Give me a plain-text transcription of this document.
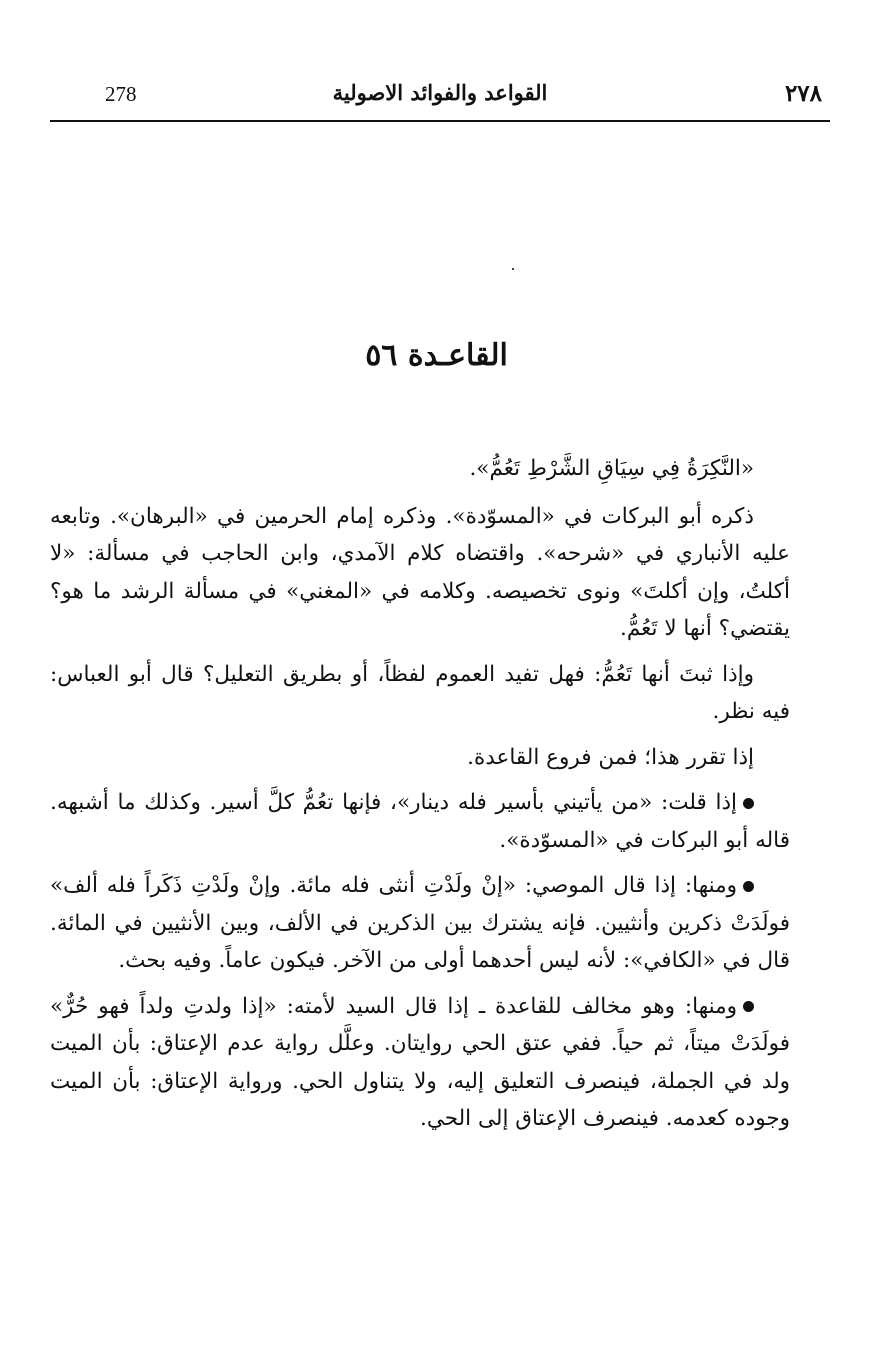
278	القواعد والفوائد الاصولية	٢٧٨
القاعـدة ٥٦

«النَّكِرَةُ فِي سِيَاقِ الشَّرْطِ تَعُمُّ».

ذكره أبو البركات في «المسوّدة». وذكره إمام الحرمين في «البرهان». وتابعه عليه الأنباري في «شرحه». واقتضاه كلام الآمدي، وابن الحاجب في مسألة: «لا أكلتُ، وإن أكلتَ» ونوى تخصيصه. وكلامه في «المغني» في مسألة الرشد ما هو؟ يقتضي؟ أنها لا تَعُمُّ.

وإذا ثبتَ أنها تَعُمُّ: فهل تفيد العموم لفظاً، أو بطريق التعليل؟ قال أبو العباس: فيه نظر.

إذا تقرر هذا؛ فمن فروع القاعدة.

إذا قلت: «من يأتيني بأسير فله دينار»، فإنها تعُمُّ كلَّ أسير. وكذلك ما أشبهه. قاله أبو البركات في «المسوّدة».

ومنها: إذا قال الموصي: «إنْ ولَدْتِ أنثى فله مائة. وإنْ ولَدْتِ ذَكَراً فله ألف» فولَدَتْ ذكرين وأنثيين. فإنه يشترك بين الذكرين في الألف، وبين الأنثيين في المائة. قال في «الكافي»: لأنه ليس أحدهما أولى من الآخر. فيكون عاماً. وفيه بحث.

ومنها: وهو مخالف للقاعدة ـ إذا قال السيد لأمته: «إذا ولدتِ ولداً فهو حُرٌّ» فولَدَتْ ميتاً، ثم حياً. ففي عتق الحي روايتان. وعلَّل رواية عدم الإعتاق: بأن الميت ولد في الجملة، فينصرف التعليق إليه، ولا يتناول الحي. ورواية الإعتاق: بأن الميت وجوده كعدمه. فينصرف الإعتاق إلى الحي.
